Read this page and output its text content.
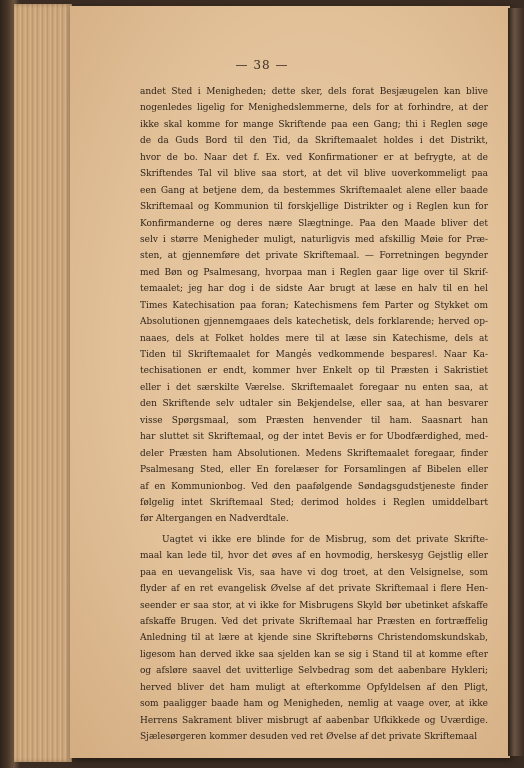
— 38 —
andet Sted i Menigheden; dette sker, dels forat Besjæugelen kan blive
nogenledes ligelig for Menighedslemmerne, dels for at forhindre, at der
ikke skal komme for mange Skriftende paa een Gang; thi i Reglen søge
de da Guds Bord til den Tid, da Skriftemaalet holdes i det Distrikt,
hvor de bo. Naar det f. Ex. ved Konfirmationer er at befrygte, at de
Skriftendes Tal vil blive saa stort, at det vil blive uoverkommeligt paa
een Gang at betjene dem, da bestemmes Skriftemaalet alene eller baade
Skriftemaal og Kommunion til forskjellige Distrikter og i Reglen kun for
Konfirmanderne og deres nære Slægtninge. Paa den Maade bliver det
selv i større Menigheder muligt, naturligvis med afskillig Møie for Præ-
sten, at gjennemføre det private Skriftemaal. — Forretningen begynder
med Bøn og Psalmesang, hvorpaa man i Reglen gaar lige over til Skrif-
temaalet; jeg har dog i de sidste Aar brugt at læse en halv til en hel
Times Katechisation paa foran; Katechismens fem Parter og Stykket om
Absolutionen gjennemgaaes dels katechetisk, dels forklarende; herved op-
naaes, dels at Folket holdes mere til at læse sin Katechisme, dels at
Tiden til Skriftemaalet for Mange̓s vedkommende besparesǃ. Naar Ka-
techisationen er endt, kommer hver Enkelt op til Præsten i Sakristiet
eller i det særskilte Værelse. Skriftemaalet foregaar nu enten saa, at
den Skriftende selv udtaler sin Bekjendelse, eller saa, at han besvarer
visse Spørgsmaal, som Præsten henvender til ham. Saasnart han
har sluttet sit Skriftemaal, og der intet Bevis er for Ubodfærdighed, med-
deler Præsten ham Absolutionen. Medens Skriftemaalet foregaar, finder
Psalmesang Sted, eller En forelæser for Forsamlingen af Bibelen eller
af en Kommunionbog. Ved den paafølgende Søndagsgudstjeneste finder
følgelig intet Skriftemaal Sted; derimod holdes i Reglen umiddelbart
før Altergangen en Nadverdtale.
Uagtet vi ikke ere blinde for de Misbrug, som det private Skrifte-
maal kan lede til, hvor det øves af en hovmodig, herskesyg Gejstlig eller
paa en uevangelisk Vis, saa have vi dog troet, at den Velsignelse, som
flyder af en ret evangelisk Øvelse af det private Skriftemaal i flere Hen-
seender er saa stor, at vi ikke for Misbrugens Skyld bør ubetinket afskaffe
afskaffe Brugen. Ved det private Skriftemaal har Præsten en fortræffelig
Anledning til at lære at kjende sine Skriftebørns Christendomskundskab,
ligesom han derved ikke saa sjelden kan se sig i Stand til at komme efter
og afsløre saavel det uvitterlige Selvbedrag som det aabenbare Hykleri;
herved bliver det ham muligt at efterkomme Opfyldelsen af den Pligt,
som paaligger baade ham og Menigheden, nemlig at vaage over, at ikke
Herrens Sakrament bliver misbrugt af aabenbar Ufkikkede og Uværdige.
Sjælesørgeren kommer desuden ved ret Øvelse af det private Skriftemaal
